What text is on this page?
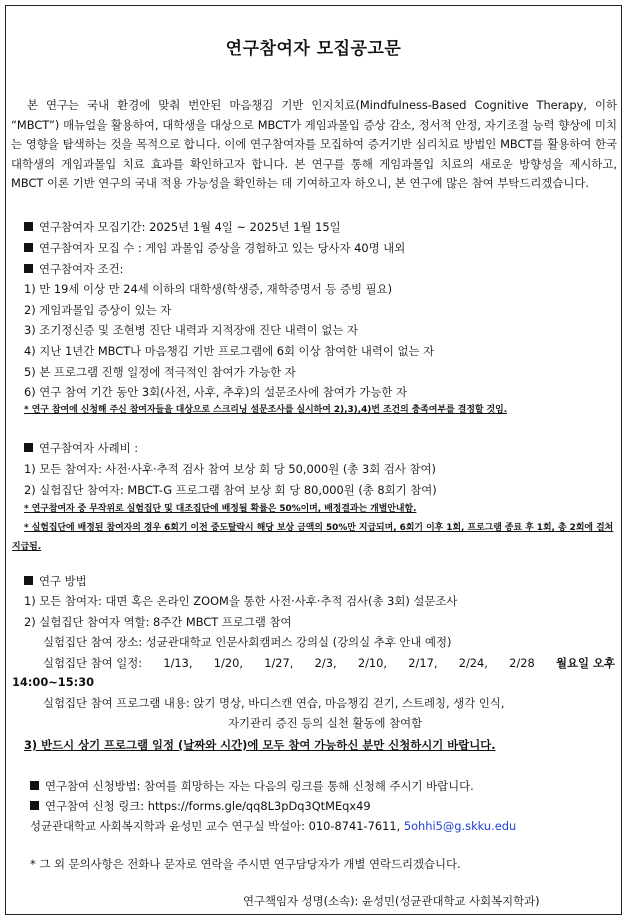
연구참여자 모집공고문
본 연구는 국내 환경에 맞춰 번안된 마음챙김 기반 인지치료(Mindfulness-Based Cognitive Therapy, 이하 “MBCT”) 매뉴얼을 활용하여, 대학생을 대상으로 MBCT가 게임과몰입 증상 감소, 정서적 안정, 자기조절 능력 향상에 미치는 영향을 탐색하는 것을 목적으로 합니다. 이에 연구참여자를 모집하여 증거기반 심리치료 방법인 MBCT를 활용하여 한국 대학생의 게임과몰입 치료 효과를 확인하고자 합니다. 본 연구를 통해 게임과몰입 치료의 새로운 방향성을 제시하고, MBCT 이론 기반 연구의 국내 적용 가능성을 확인하는 데 기여하고자 하오니, 본 연구에 많은 참여 부탁드리겠습니다.
연구참여자 모집기간: 2025년 1월 4일 ~ 2025년 1월 15일
연구참여자 모집 수 : 게임 과몰입 증상을 경험하고 있는 당사자 40명 내외
연구참여자 조건:
1) 만 19세 이상 만 24세 이하의 대학생(학생증, 재학증명서 등 증빙 필요)
2) 게임과몰입 증상이 있는 자
3) 조기정신증 및 조현병 진단 내력과 지적장애 진단 내력이 없는 자
4) 지난 1년간 MBCT나 마음챙김 기반 프로그램에 6회 이상 참여한 내력이 없는 자
5) 본 프로그램 진행 일정에 적극적인 참여가 가능한 자
6) 연구 참여 기간 동안 3회(사전, 사후, 추후)의 설문조사에 참여가 가능한 자
* 연구 참여에 신청해 주신 참여자들을 대상으로 스크리닝 설문조사를 실시하여 2),3),4)번 조건의 충족여부를 결정할 것임.
연구참여자 사례비 :
1) 모든 참여자: 사전·사후·추적 검사 참여 보상 회 당 50,000원 (총 3회 검사 참여)
2) 실험집단 참여자: MBCT-G 프로그램 참여 보상 회 당 80,000원 (총 8회기 참여)
* 연구참여자 중 무작위로 실험집단 및 대조집단에 배정될 확률은 50%이며, 배정결과는 개별안내함.
* 실험집단에 배정된 참여자의 경우 6회기 이전 중도탈락시 해당 보상 금액의 50%만 지급되며, 6회기 이후 1회, 프로그램 종료 후 1회, 총 2회에 걸쳐 지급됨.
연구 방법
1) 모든 참여자: 대면 혹은 온라인 ZOOM을 통한 사전·사후·추적 검사(총 3회) 설문조사
2) 실험집단 참여자 역할: 8주간 MBCT 프로그램 참여
실험집단 참여 장소: 성균관대학교 인문사회캠퍼스 강의실 (강의실 추후 안내 예정)
실험집단 참여 일정: 1/13, 1/20, 1/27, 2/3, 2/10, 2/17, 2/24, 2/28 월요일 오후
14:00~15:30
실험집단 참여 프로그램 내용: 앉기 명상, 바디스캔 연습, 마음챙김 걷기, 스트레칭, 생각 인식,
자기관리 증진 등의 실천 활동에 참여함
3) 반드시 상기 프로그램 일정 (날짜와 시간)에 모두 참여 가능하신 분만 신청하시기 바랍니다.
연구참여 신청방법: 참여를 희망하는 자는 다음의 링크를 통해 신청해 주시기 바랍니다.
연구참여 신청 링크: https://forms.gle/qq8L3pDq3QtMEqx49
성균관대학교 사회복지학과 윤성민 교수 연구실 박설아: 010-8741-7611, 5ohhi5@g.skku.edu
* 그 외 문의사항은 전화나 문자로 연락을 주시면 연구담당자가 개별 연락드리겠습니다.
연구책임자 성명(소속): 윤성민(성균관대학교 사회복지학과)
